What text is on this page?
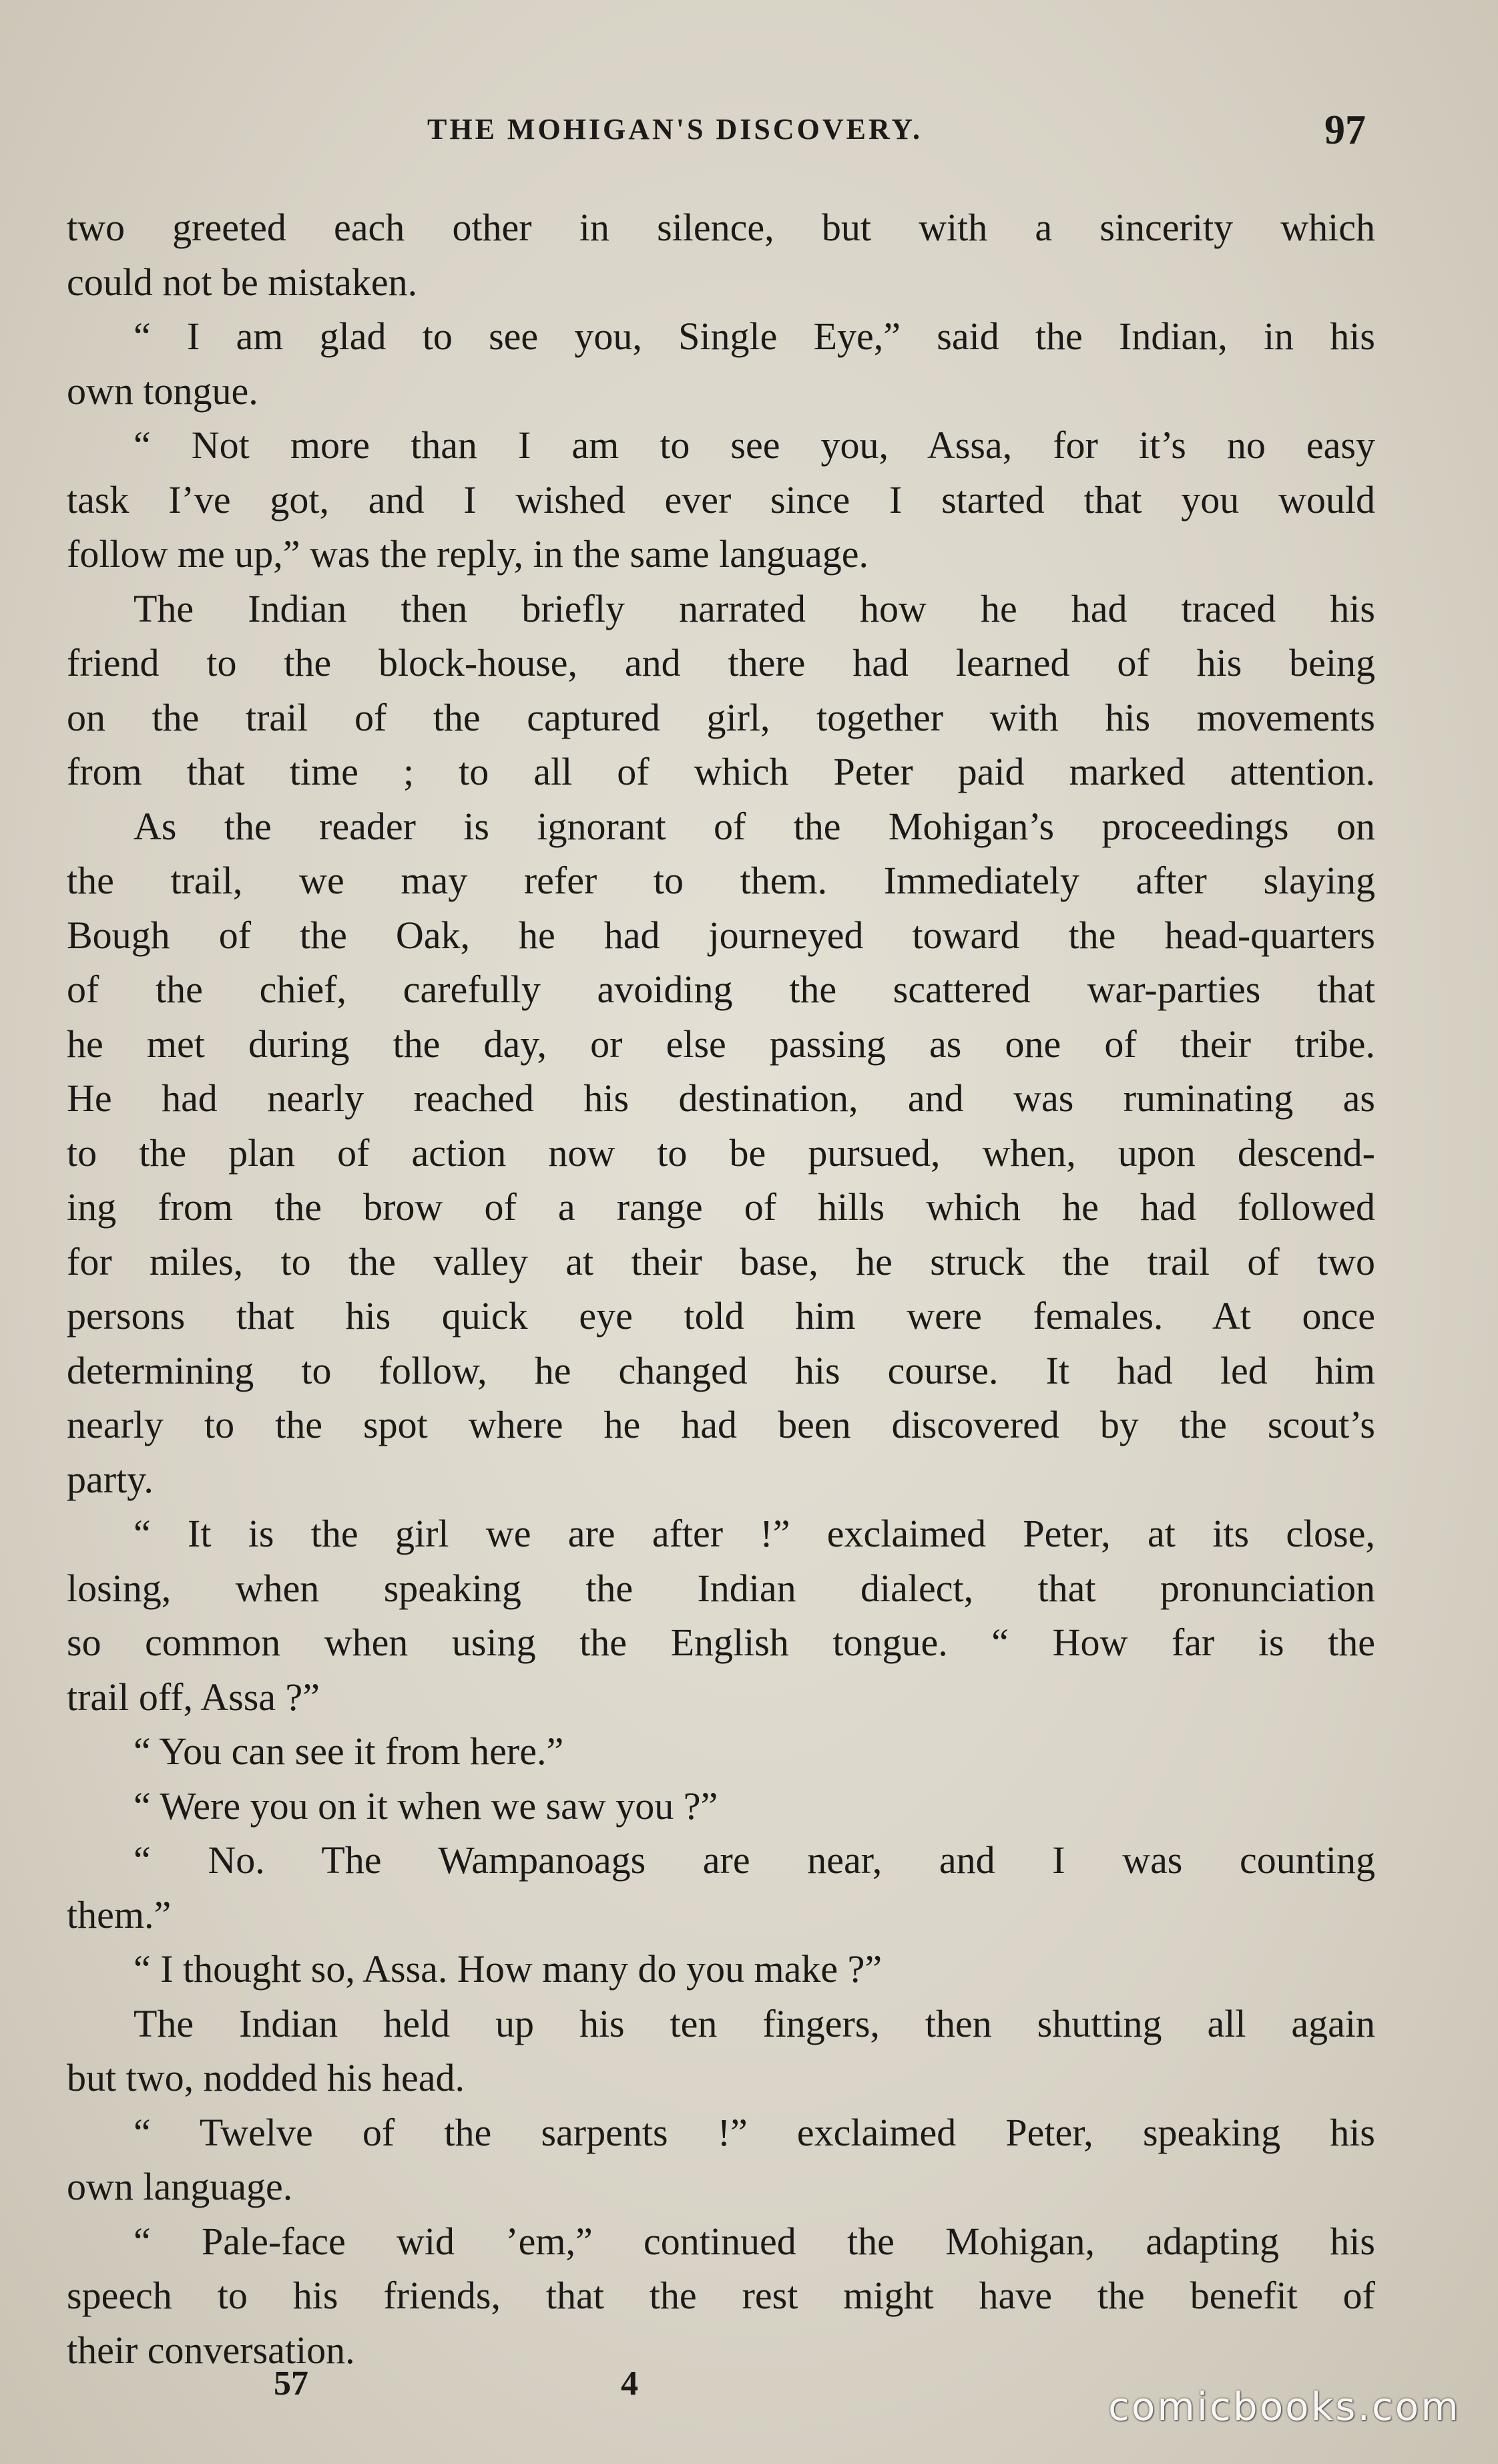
THE MOHIGAN'S DISCOVERY.	97
two greeted each other in silence, but with a sincerity which
could not be mistaken.
“ I am glad to see you, Single Eye,” said the Indian, in his
own tongue.
“ Not more than I am to see you, Assa, for it’s no easy
task I’ve got, and I wished ever since I started that you would
follow me up,” was the reply, in the same language.
The Indian then briefly narrated how he had traced his
friend to the block-house, and there had learned of his being
on the trail of the captured girl, together with his movements
from that time ; to all of which Peter paid marked attention.
As the reader is ignorant of the Mohigan’s proceedings on
the trail, we may refer to them. Immediately after slaying
Bough of the Oak, he had journeyed toward the head-quarters
of the chief, carefully avoiding the scattered war-parties that
he met during the day, or else passing as one of their tribe.
He had nearly reached his destination, and was ruminating as
to the plan of action now to be pursued, when, upon descend-
ing from the brow of a range of hills which he had followed
for miles, to the valley at their base, he struck the trail of two
persons that his quick eye told him were females. At once
determining to follow, he changed his course. It had led him
nearly to the spot where he had been discovered by the scout’s
party.
“ It is the girl we are after !” exclaimed Peter, at its close,
losing, when speaking the Indian dialect, that pronunciation
so common when using the English tongue. “ How far is the
trail off, Assa ?”
“ You can see it from here.”
“ Were you on it when we saw you ?”
“ No. The Wampanoags are near, and I was counting
them.”
“ I thought so, Assa. How many do you make ?”
The Indian held up his ten fingers, then shutting all again
but two, nodded his head.
“ Twelve of the sarpents !” exclaimed Peter, speaking his
own language.
“ Pale-face wid ’em,” continued the Mohigan, adapting his
speech to his friends, that the rest might have the benefit of
their conversation.
57	4
comicbooks.com
